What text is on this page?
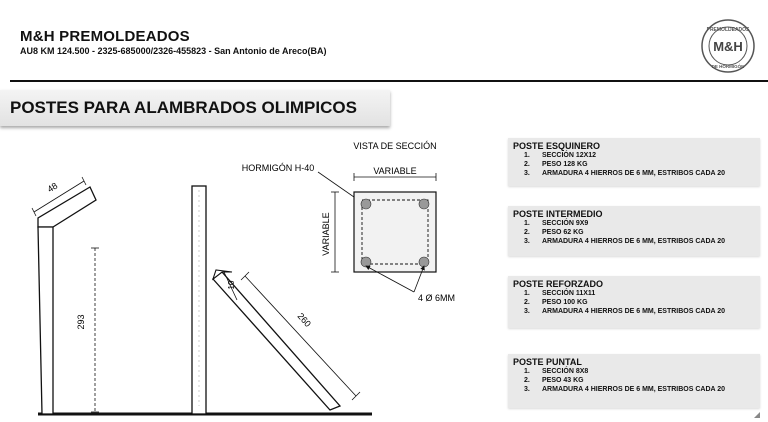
M&H PREMOLDEADOS
AU8 KM 124.500 - 2325-685000/2326-455823 - San Antonio de Areco(BA)
PREMOLDEADOS
DE HORMIGÓN
M&H
POSTES PARA ALAMBRADOS OLIMPICOS
48
293
10
260
VISTA DE SECCIÓN
HORMIGÓN H-40	VARIABLE
VARIABLE
4 Ø 6MM
POSTE ESQUINERO
1. SECCIÓN 12X12
2. PESO 128 KG
3. ARMADURA 4 HIERROS DE 6 MM, ESTRIBOS CADA 20
POSTE INTERMEDIO
1. SECCIÓN 9X9
2. PESO 62 KG
3. ARMADURA 4 HIERROS DE 6 MM, ESTRIBOS CADA 20
POSTE REFORZADO
1. SECCIÓN 11X11
2. PESO 100 KG
3. ARMADURA 4 HIERROS DE 6 MM, ESTRIBOS CADA 20
POSTE PUNTAL
1. SECCIÓN 8X8
2. PESO 43 KG
3. ARMADURA 4 HIERROS DE 6 MM, ESTRIBOS CADA 20
